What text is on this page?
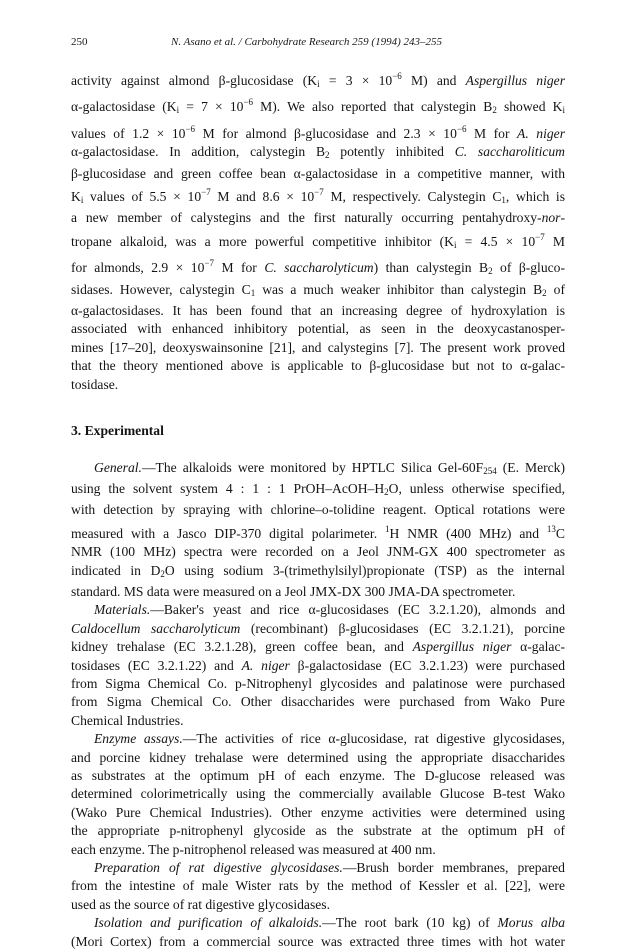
250	N. Asano et al. / Carbohydrate Research 259 (1994) 243–255
activity against almond β-glucosidase ($K_i = 3 \times 10^{-6}$ M) and Aspergillus niger
α-galactosidase ($K_i = 7 \times 10^{-6}$ M). We also reported that calystegin $B_2$ showed $K_i$
values of $1.2 \times 10^{-6}$ M for almond β-glucosidase and $2.3 \times 10^{-6}$ M for A. niger
α-galactosidase. In addition, calystegin $B_2$ potently inhibited C. saccharoliticum
β-glucosidase and green coffee bean α-galactosidase in a competitive manner, with
$K_i$ values of $5.5 \times 10^{-7}$ M and $8.6 \times 10^{-7}$ M, respectively. Calystegin $C_1$, which is
a new member of calystegins and the first naturally occurring pentahydroxy-nor-
tropane alkaloid, was a more powerful competitive inhibitor ($K_i = 4.5 \times 10^{-7}$ M
for almonds, $2.9 \times 10^{-7}$ M for C. saccharolyticum) than calystegin $B_2$ of β-gluco-
sidases. However, calystegin $C_1$ was a much weaker inhibitor than calystegin $B_2$ of
α-galactosidases. It has been found that an increasing degree of hydroxylation is
associated with enhanced inhibitory potential, as seen in the deoxycastanosper-
mines [17–20], deoxyswainsonine [21], and calystegins [7]. The present work proved
that the theory mentioned above is applicable to β-glucosidase but not to α-galac-
tosidase.
3. Experimental
General.—The alkaloids were monitored by HPTLC Silica Gel-$60F_{254}$ (E. Merck)
using the solvent system 4 : 1 : 1 PrOH–$AcOH-H_2O$, unless otherwise specified,
with detection by spraying with chlorine–o-tolidine reagent. Optical rotations were
measured with a Jasco DIP-370 digital polarimeter. $^1$H NMR (400 MHz) and $^{13}$C
NMR (100 MHz) spectra were recorded on a Jeol JNM-GX 400 spectrometer as
indicated in $D_2O$ using sodium 3-(trimethylsilyl)propionate (TSP) as the internal
standard. MS data were measured on a Jeol JMX-DX 300 JMA-DA spectrometer.
Materials.—Baker's yeast and rice α-glucosidases (EC 3.2.1.20), almonds and
Caldocellum saccharolyticum (recombinant) β-glucosidases (EC 3.2.1.21), porcine
kidney trehalase (EC 3.2.1.28), green coffee bean, and Aspergillus niger α-galac-
tosidases (EC 3.2.1.22) and A. niger β-galactosidase (EC 3.2.1.23) were purchased
from Sigma Chemical Co. p-Nitrophenyl glycosides and palatinose were purchased
from Sigma Chemical Co. Other disaccharides were purchased from Wako Pure
Chemical Industries.
Enzyme assays.—The activities of rice α-glucosidase, rat digestive glycosidases,
and porcine kidney trehalase were determined using the appropriate disaccharides
as substrates at the optimum pH of each enzyme. The D-glucose released was
determined colorimetrically using the commercially available Glucose B-test Wako
(Wako Pure Chemical Industries). Other enzyme activities were determined using
the appropriate p-nitrophenyl glycoside as the substrate at the optimum pH of
each enzyme. The p-nitrophenol released was measured at 400 nm.
Preparation of rat digestive glycosidases.—Brush border membranes, prepared
from the intestine of male Wister rats by the method of Kessler et al. [22], were
used as the source of rat digestive glycosidases.
Isolation and purification of alkaloids.—The root bark (10 kg) of Morus alba
(Mori Cortex) from a commercial source was extracted three times with hot water
